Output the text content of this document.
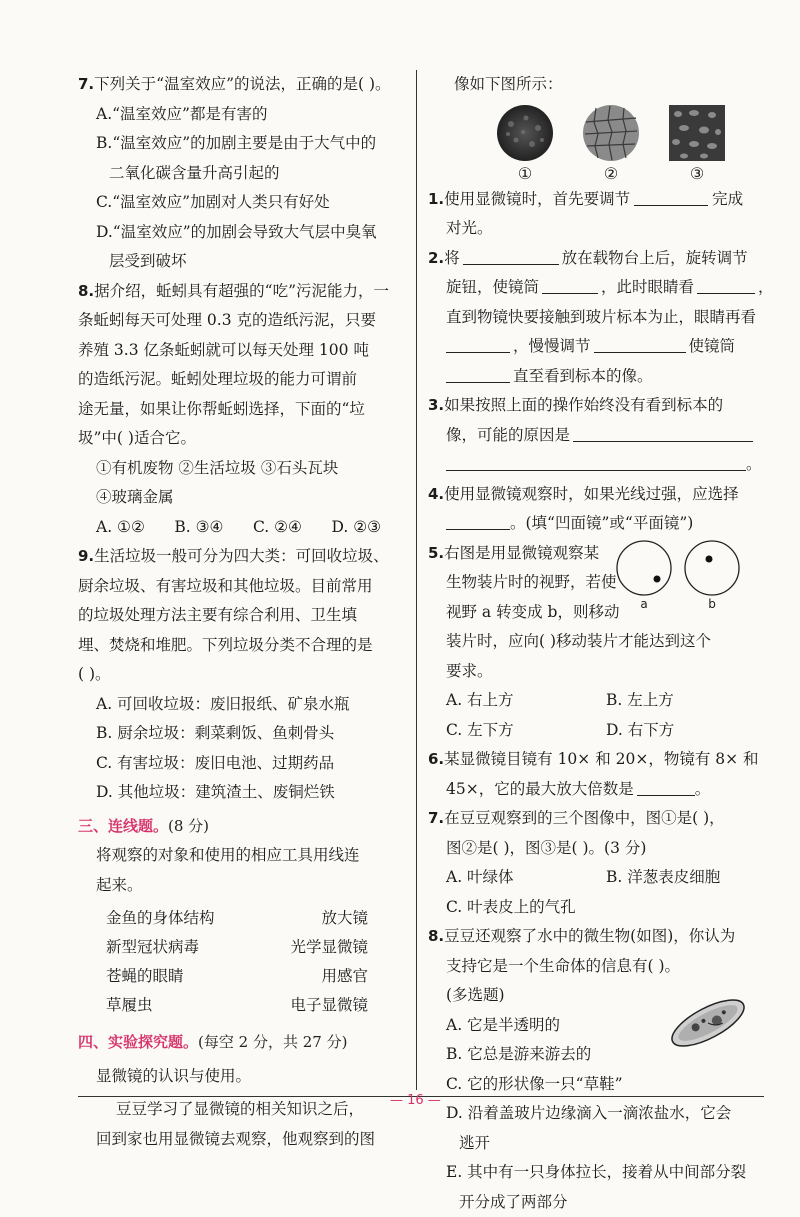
7.下列关于“温室效应”的说法，正确的是( )。
A.“温室效应”都是有害的
B.“温室效应”的加剧主要是由于大气中的
二氧化碳含量升高引起的
C.“温室效应”加剧对人类只有好处
D.“温室效应”的加剧会导致大气层中臭氧
层受到破坏
8.据介绍，蚯蚓具有超强的“吃”污泥能力，一
条蚯蚓每天可处理 0.3 克的造纸污泥，只要
养殖 3.3 亿条蚯蚓就可以每天处理 100 吨
的造纸污泥。蚯蚓处理垃圾的能力可谓前
途无量，如果让你帮蚯蚓选择，下面的“垃
圾”中( )适合它。
①有机废物 ②生活垃圾 ③石头瓦块
④玻璃金属
A. ①②      B. ③④      C. ②④      D. ②③
9.生活垃圾一般可分为四大类：可回收垃圾、
厨余垃圾、有害垃圾和其他垃圾。目前常用
的垃圾处理方法主要有综合利用、卫生填
埋、焚烧和堆肥。下列垃圾分类不合理的是
( )。
A. 可回收垃圾：废旧报纸、矿泉水瓶
B. 厨余垃圾：剩菜剩饭、鱼刺骨头
C. 有害垃圾：废旧电池、过期药品
D. 其他垃圾：建筑渣土、废铜烂铁
三、连线题。(8 分)
将观察的对象和使用的相应工具用线连
起来。
金鱼的身体结构	放大镜
新型冠状病毒	光学显微镜
苍蝇的眼睛	用感官
草履虫	电子显微镜
四、实验探究题。(每空 2 分，共 27 分)
显微镜的认识与使用。
豆豆学习了显微镜的相关知识之后，
回到家也用显微镜去观察，他观察到的图
像如下图所示：
①	②	③
1.使用显微镜时，首先要调节	完成
对光。
2.将	放在载物台上后，旋转调节
旋钮，使镜筒	，此时眼睛看	，
直到物镜快要接触到玻片标本为止，眼睛再看
，慢慢调节	使镜筒
直至看到标本的像。
3.如果按照上面的操作始终没有看到标本的
像，可能的原因是
。
4.使用显微镜观察时，如果光线过强，应选择
。(填“凹面镜”或“平面镜”)
a	b
5.右图是用显微镜观察某
生物装片时的视野，若使
视野 a 转变成 b，则移动
装片时，应向( )移动装片才能达到这个
要求。
A. 右上方	B. 左上方
C. 左下方	D. 右下方
6.某显微镜目镜有 10× 和 20×，物镜有 8× 和
45×，它的最大放大倍数是	。
7.在豆豆观察到的三个图像中，图①是( )，
图②是( )，图③是( )。(3 分)
A. 叶绿体	B. 洋葱表皮细胞
C. 叶表皮上的气孔
8.豆豆还观察了水中的微生物(如图)，你认为
支持它是一个生命体的信息有( )。
(多选题)
A. 它是半透明的
B. 它总是游来游去的
C. 它的形状像一只“草鞋”
D. 沿着盖玻片边缘滴入一滴浓盐水，它会
逃开
E. 其中有一只身体拉长，接着从中间部分裂
开分成了两部分
— 16 —
